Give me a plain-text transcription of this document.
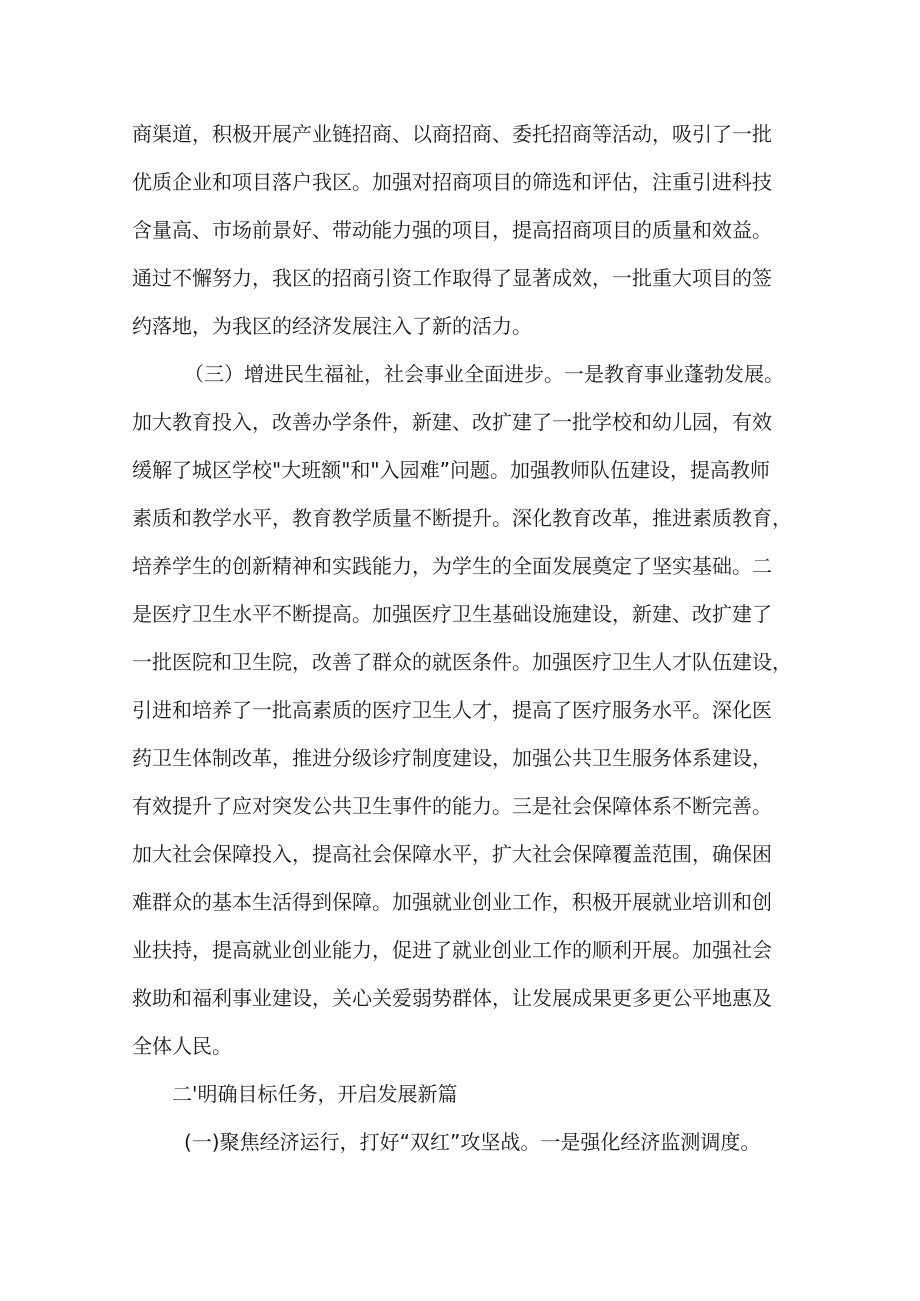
商渠道，积极开展产业链招商、以商招商、委托招商等活动，吸引了一批
优质企业和项目落户我区。加强对招商项目的筛选和评估，注重引进科技
含量高、市场前景好、带动能力强的项目，提高招商项目的质量和效益。
通过不懈努力，我区的招商引资工作取得了显著成效，一批重大项目的签
约落地，为我区的经济发展注入了新的活力。
（三）增进民生福祉，社会事业全面进步。一是教育事业蓬勃发展。
加大教育投入，改善办学条件，新建、改扩建了一批学校和幼儿园，有效
缓解了城区学校"大班额"和"入园难”问题。加强教师队伍建设，提高教师
素质和教学水平，教育教学质量不断提升。深化教育改革，推进素质教育，
培养学生的创新精神和实践能力，为学生的全面发展奠定了坚实基础。二
是医疗卫生水平不断提高。加强医疗卫生基础设施建设，新建、改扩建了
一批医院和卫生院，改善了群众的就医条件。加强医疗卫生人才队伍建设，
引进和培养了一批高素质的医疗卫生人才，提高了医疗服务水平。深化医
药卫生体制改革，推进分级诊疗制度建设，加强公共卫生服务体系建设，
有效提升了应对突发公共卫生事件的能力。三是社会保障体系不断完善。
加大社会保障投入，提高社会保障水平，扩大社会保障覆盖范围，确保困
难群众的基本生活得到保障。加强就业创业工作，积极开展就业培训和创
业扶持，提高就业创业能力，促进了就业创业工作的顺利开展。加强社会
救助和福利事业建设，关心关爱弱势群体，让发展成果更多更公平地惠及
全体人民。
二'明确目标任务，开启发展新篇
(一)聚焦经济运行，打好“双红”攻坚战。一是强化经济监测调度。
